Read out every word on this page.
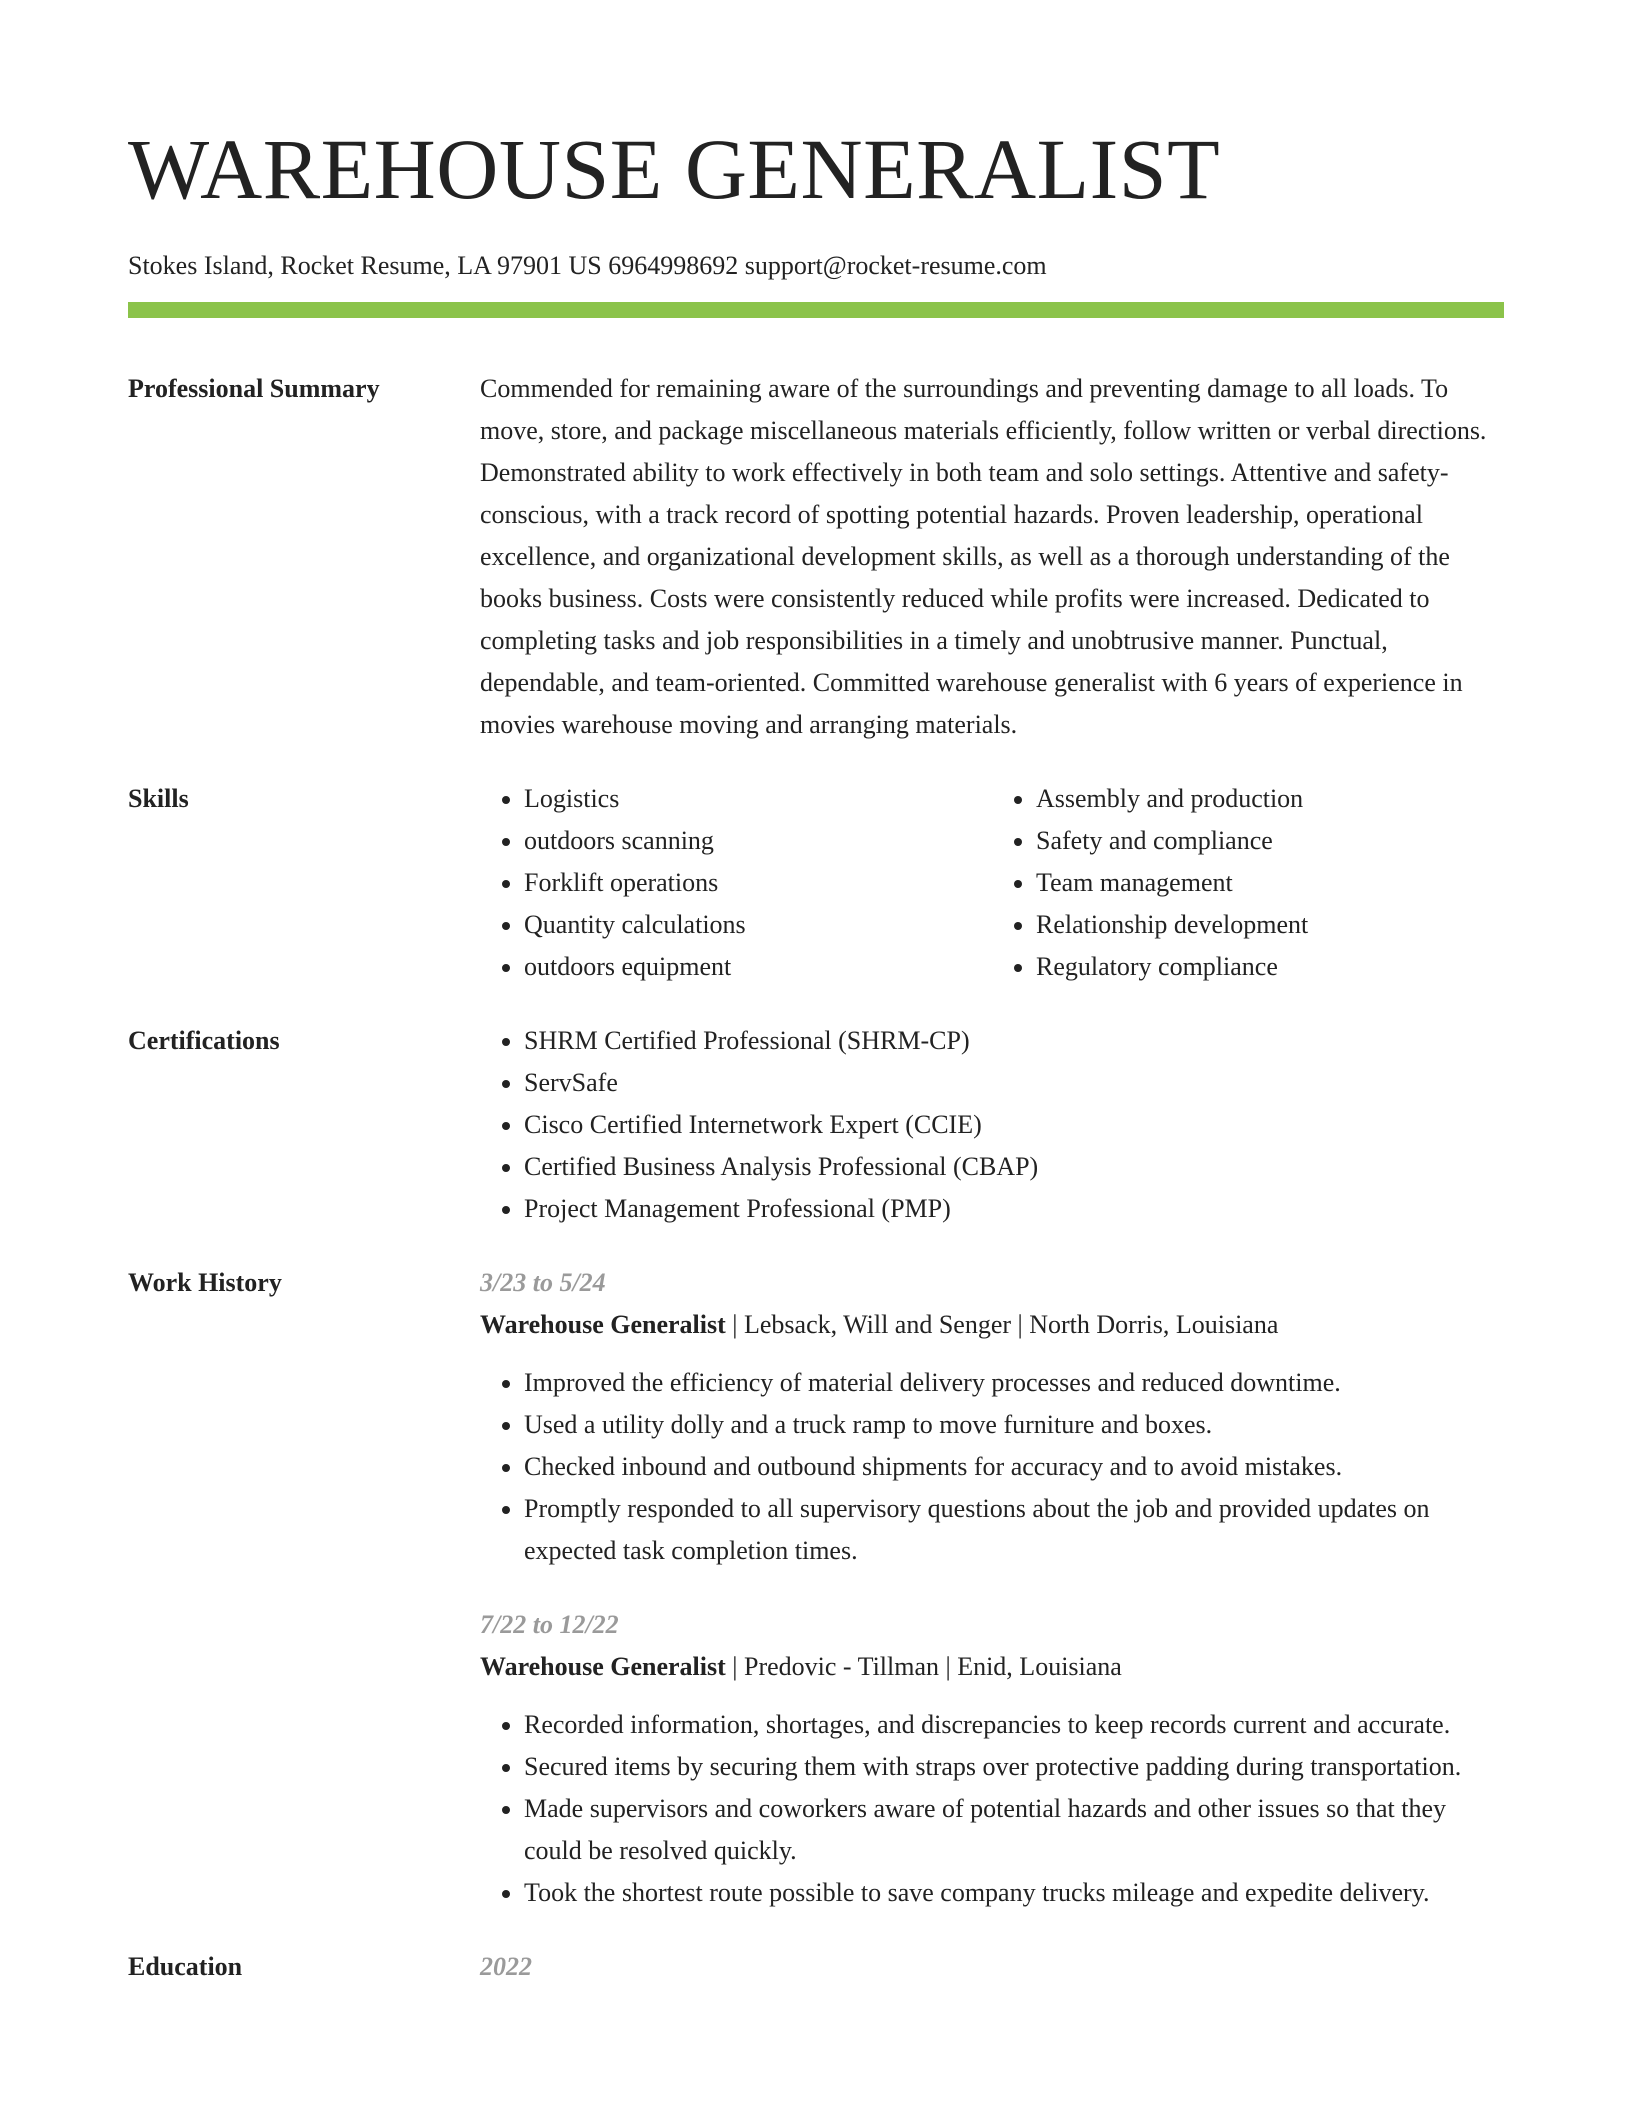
WAREHOUSE GENERALIST
Stokes Island, Rocket Resume, LA 97901 US 6964998692 support@rocket-resume.com
Professional Summary	Commended for remaining aware of the surroundings and preventing damage to all loads. To move, store, and package miscellaneous materials efficiently, follow written or verbal directions. Demonstrated ability to work effectively in both team and solo settings. Attentive and safety-conscious, with a track record of spotting potential hazards. Proven leadership, operational excellence, and organizational development skills, as well as a thorough understanding of the books business. Costs were consistently reduced while profits were increased. Dedicated to completing tasks and job responsibilities in a timely and unobtrusive manner. Punctual, dependable, and team-oriented. Committed warehouse generalist with 6 years of experience in movies warehouse moving and arranging materials.

Skills	• Logistics
• outdoors scanning
• Forklift operations
• Quantity calculations
• outdoors equipment
• Assembly and production
• Safety and compliance
• Team management
• Relationship development
• Regulatory compliance
Certifications	• SHRM Certified Professional (SHRM-CP)
• ServSafe
• Cisco Certified Internetwork Expert (CCIE)
• Certified Business Analysis Professional (CBAP)
• Project Management Professional (PMP)
Work History	3/23 to 5/24
Warehouse Generalist | Lebsack, Will and Senger | North Dorris, Louisiana
• Improved the efficiency of material delivery processes and reduced downtime.
• Used a utility dolly and a truck ramp to move furniture and boxes.
• Checked inbound and outbound shipments for accuracy and to avoid mistakes.
• Promptly responded to all supervisory questions about the job and provided updates on expected task completion times.
7/22 to 12/22
Warehouse Generalist | Predovic - Tillman | Enid, Louisiana
• Recorded information, shortages, and discrepancies to keep records current and accurate.
• Secured items by securing them with straps over protective padding during transportation.
• Made supervisors and coworkers aware of potential hazards and other issues so that they could be resolved quickly.
• Took the shortest route possible to save company trucks mileage and expedite delivery.
Education	2022
